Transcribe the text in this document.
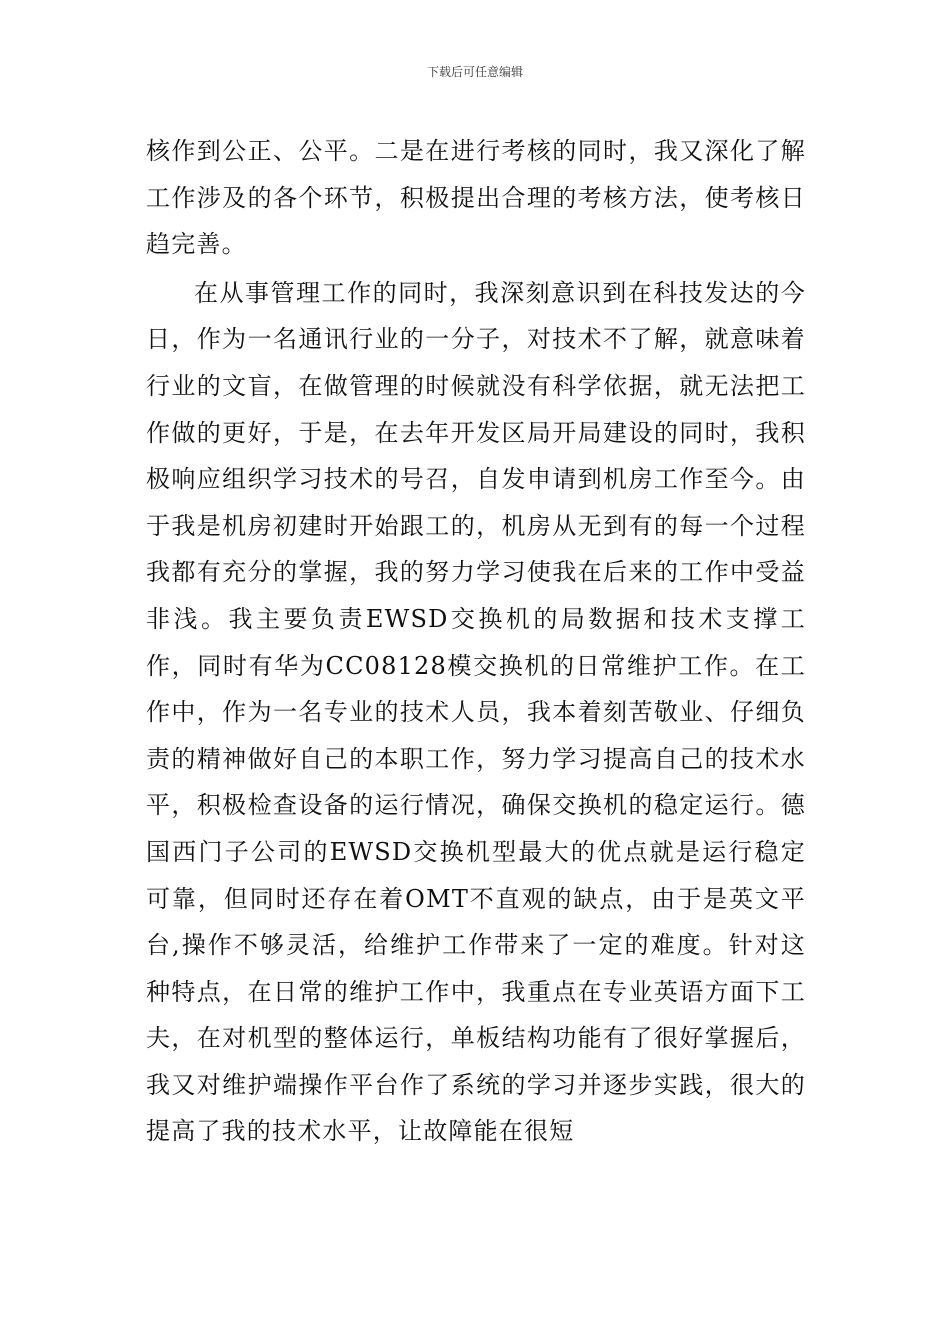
下载后可任意编辑

核作到公正、公平。二是在进行考核的同时，我又深化了解工作涉及的各个环节，积极提出合理的考核方法，使考核日趋完善。

在从事管理工作的同时，我深刻意识到在科技发达的今日，作为一名通讯行业的一分子，对技术不了解，就意味着行业的文盲，在做管理的时候就没有科学依据，就无法把工作做的更好，于是，在去年开发区局开局建设的同时，我积极响应组织学习技术的号召，自发申请到机房工作至今。由于我是机房初建时开始跟工的，机房从无到有的每一个过程我都有充分的掌握，我的努力学习使我在后来的工作中受益非浅。我主要负责EWSD交换机的局数据和技术支撑工作，同时有华为CC08128模交换机的日常维护工作。在工作中，作为一名专业的技术人员，我本着刻苦敬业、仔细负责的精神做好自己的本职工作，努力学习提高自己的技术水平，积极检查设备的运行情况，确保交换机的稳定运行。德国西门子公司的EWSD交换机型最大的优点就是运行稳定可靠，但同时还存在着OMT不直观的缺点，由于是英文平台,操作不够灵活，给维护工作带来了一定的难度。针对这种特点，在日常的维护工作中，我重点在专业英语方面下工夫，在对机型的整体运行，单板结构功能有了很好掌握后，我又对维护端操作平台作了系统的学习并逐步实践，很大的提高了我的技术水平，让故障能在很短
